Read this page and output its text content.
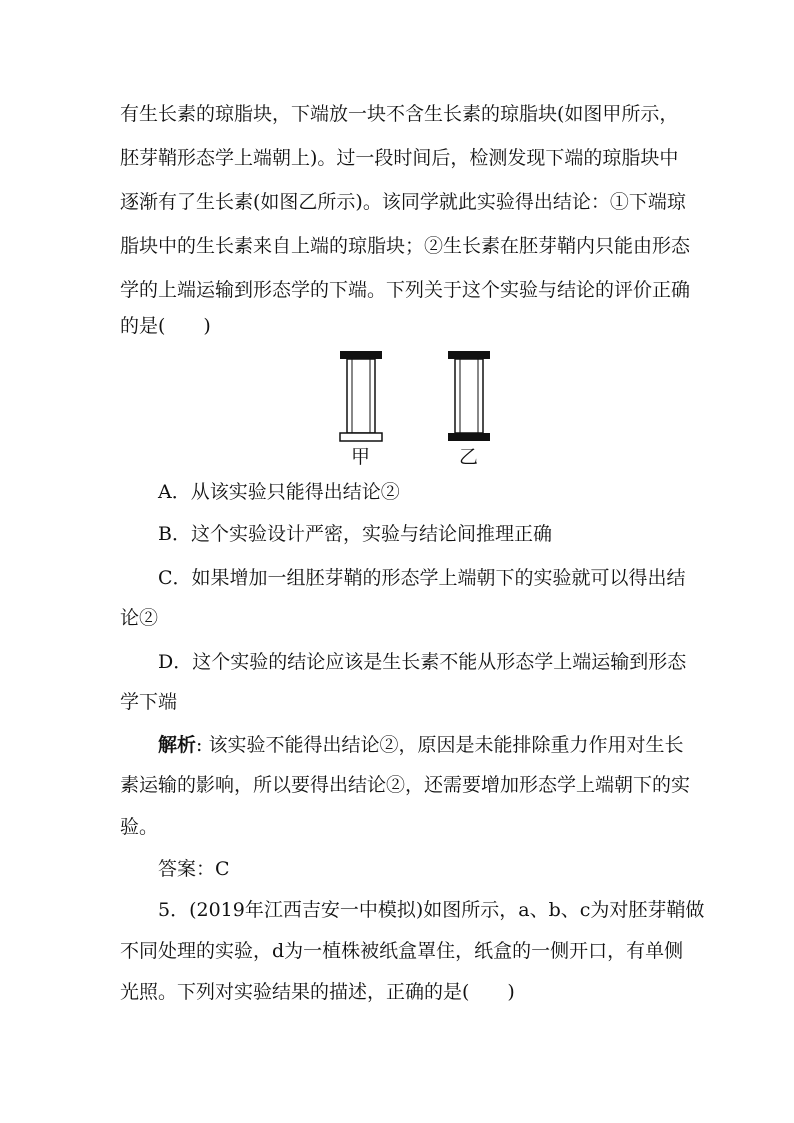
有生长素的琼脂块，下端放一块不含生长素的琼脂块(如图甲所示，
胚芽鞘形态学上端朝上)。过一段时间后，检测发现下端的琼脂块中
逐渐有了生长素(如图乙所示)。该同学就此实验得出结论：①下端琼
脂块中的生长素来自上端的琼脂块；②生长素在胚芽鞘内只能由形态
学的上端运输到形态学的下端。下列关于这个实验与结论的评价正确
的是(　　)
甲	乙
A．从该实验只能得出结论②
B．这个实验设计严密，实验与结论间推理正确
C．如果增加一组胚芽鞘的形态学上端朝下的实验就可以得出结
论②
D．这个实验的结论应该是生长素不能从形态学上端运输到形态
学下端
解析: 该实验不能得出结论②，原因是未能排除重力作用对生长
素运输的影响，所以要得出结论②，还需要增加形态学上端朝下的实
验。
答案：C
5．(2019年江西吉安一中模拟)如图所示，a、b、c为对胚芽鞘做
不同处理的实验，d为一植株被纸盒罩住，纸盒的一侧开口，有单侧
光照。下列对实验结果的描述，正确的是(　　)
